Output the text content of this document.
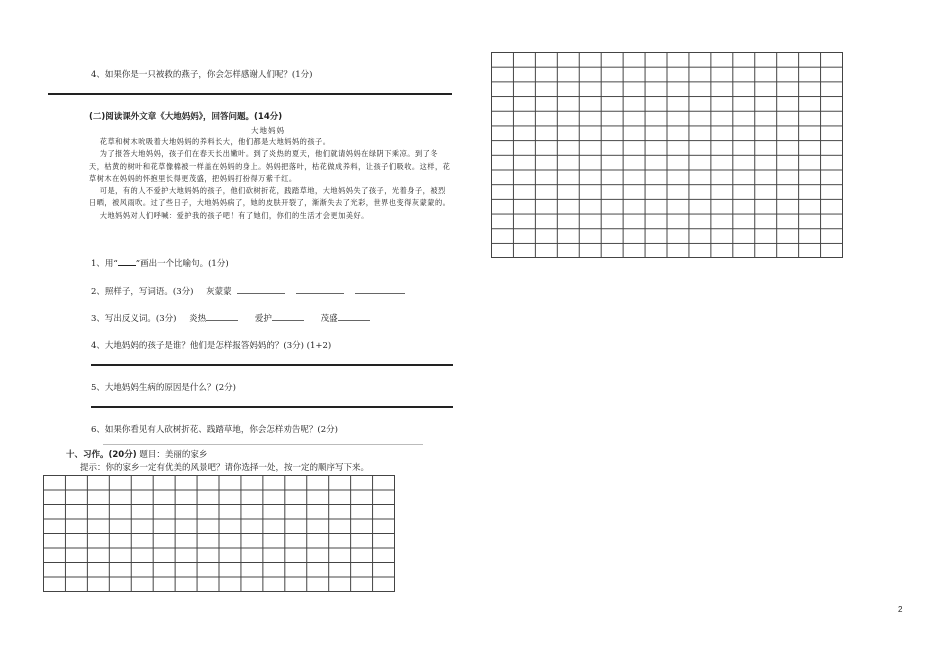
4、如果你是一只被救的燕子，你会怎样感谢人们呢？(1分)
(二)阅读课外文章《大地妈妈》，回答问题。(14分)
大地妈妈

花草和树木吮吸着大地妈妈的养料长大，他们都是大地妈妈的孩子。

为了报答大地妈妈，孩子们在春天长出嫩叶。到了炎热的夏天，他们就请妈妈在绿阴下乘凉。到了冬天，枯黄的树叶和花草像棉被一样盖在妈妈的身上。妈妈把落叶，枯花做成养料，让孩子们吸收。这样，花草树木在妈妈的怀抱里长得更茂盛，把妈妈打扮得万紫千红。

可是，有的人不爱护大地妈妈的孩子，他们砍树折花，践踏草地，大地妈妈失了孩子，光着身子，被烈日晒，被风雨吹。过了些日子，大地妈妈病了，她的皮肤开裂了，渐渐失去了光彩，世界也变得灰蒙蒙的。

大地妈妈对人们呼喊：爱护我的孩子吧！有了她们，你们的生活才会更加美好。

1、用“ ”画出一个比喻句。(1分)
2、照样子，写词语。(3分) 灰蒙蒙
3、写出反义词。(3分) 炎热	爱护	茂盛
4、大地妈妈的孩子是谁？他们是怎样报答妈妈的？(3分) (1+2)
5、大地妈妈生病的原因是什么？(2分)
6、如果你看见有人砍树折花、践踏草地，你会怎样劝告呢？(2分)
十、习作。(20分) 题目：美丽的家乡
提示：你的家乡一定有优美的风景吧？请你选择一处，按一定的顺序写下来。
2
